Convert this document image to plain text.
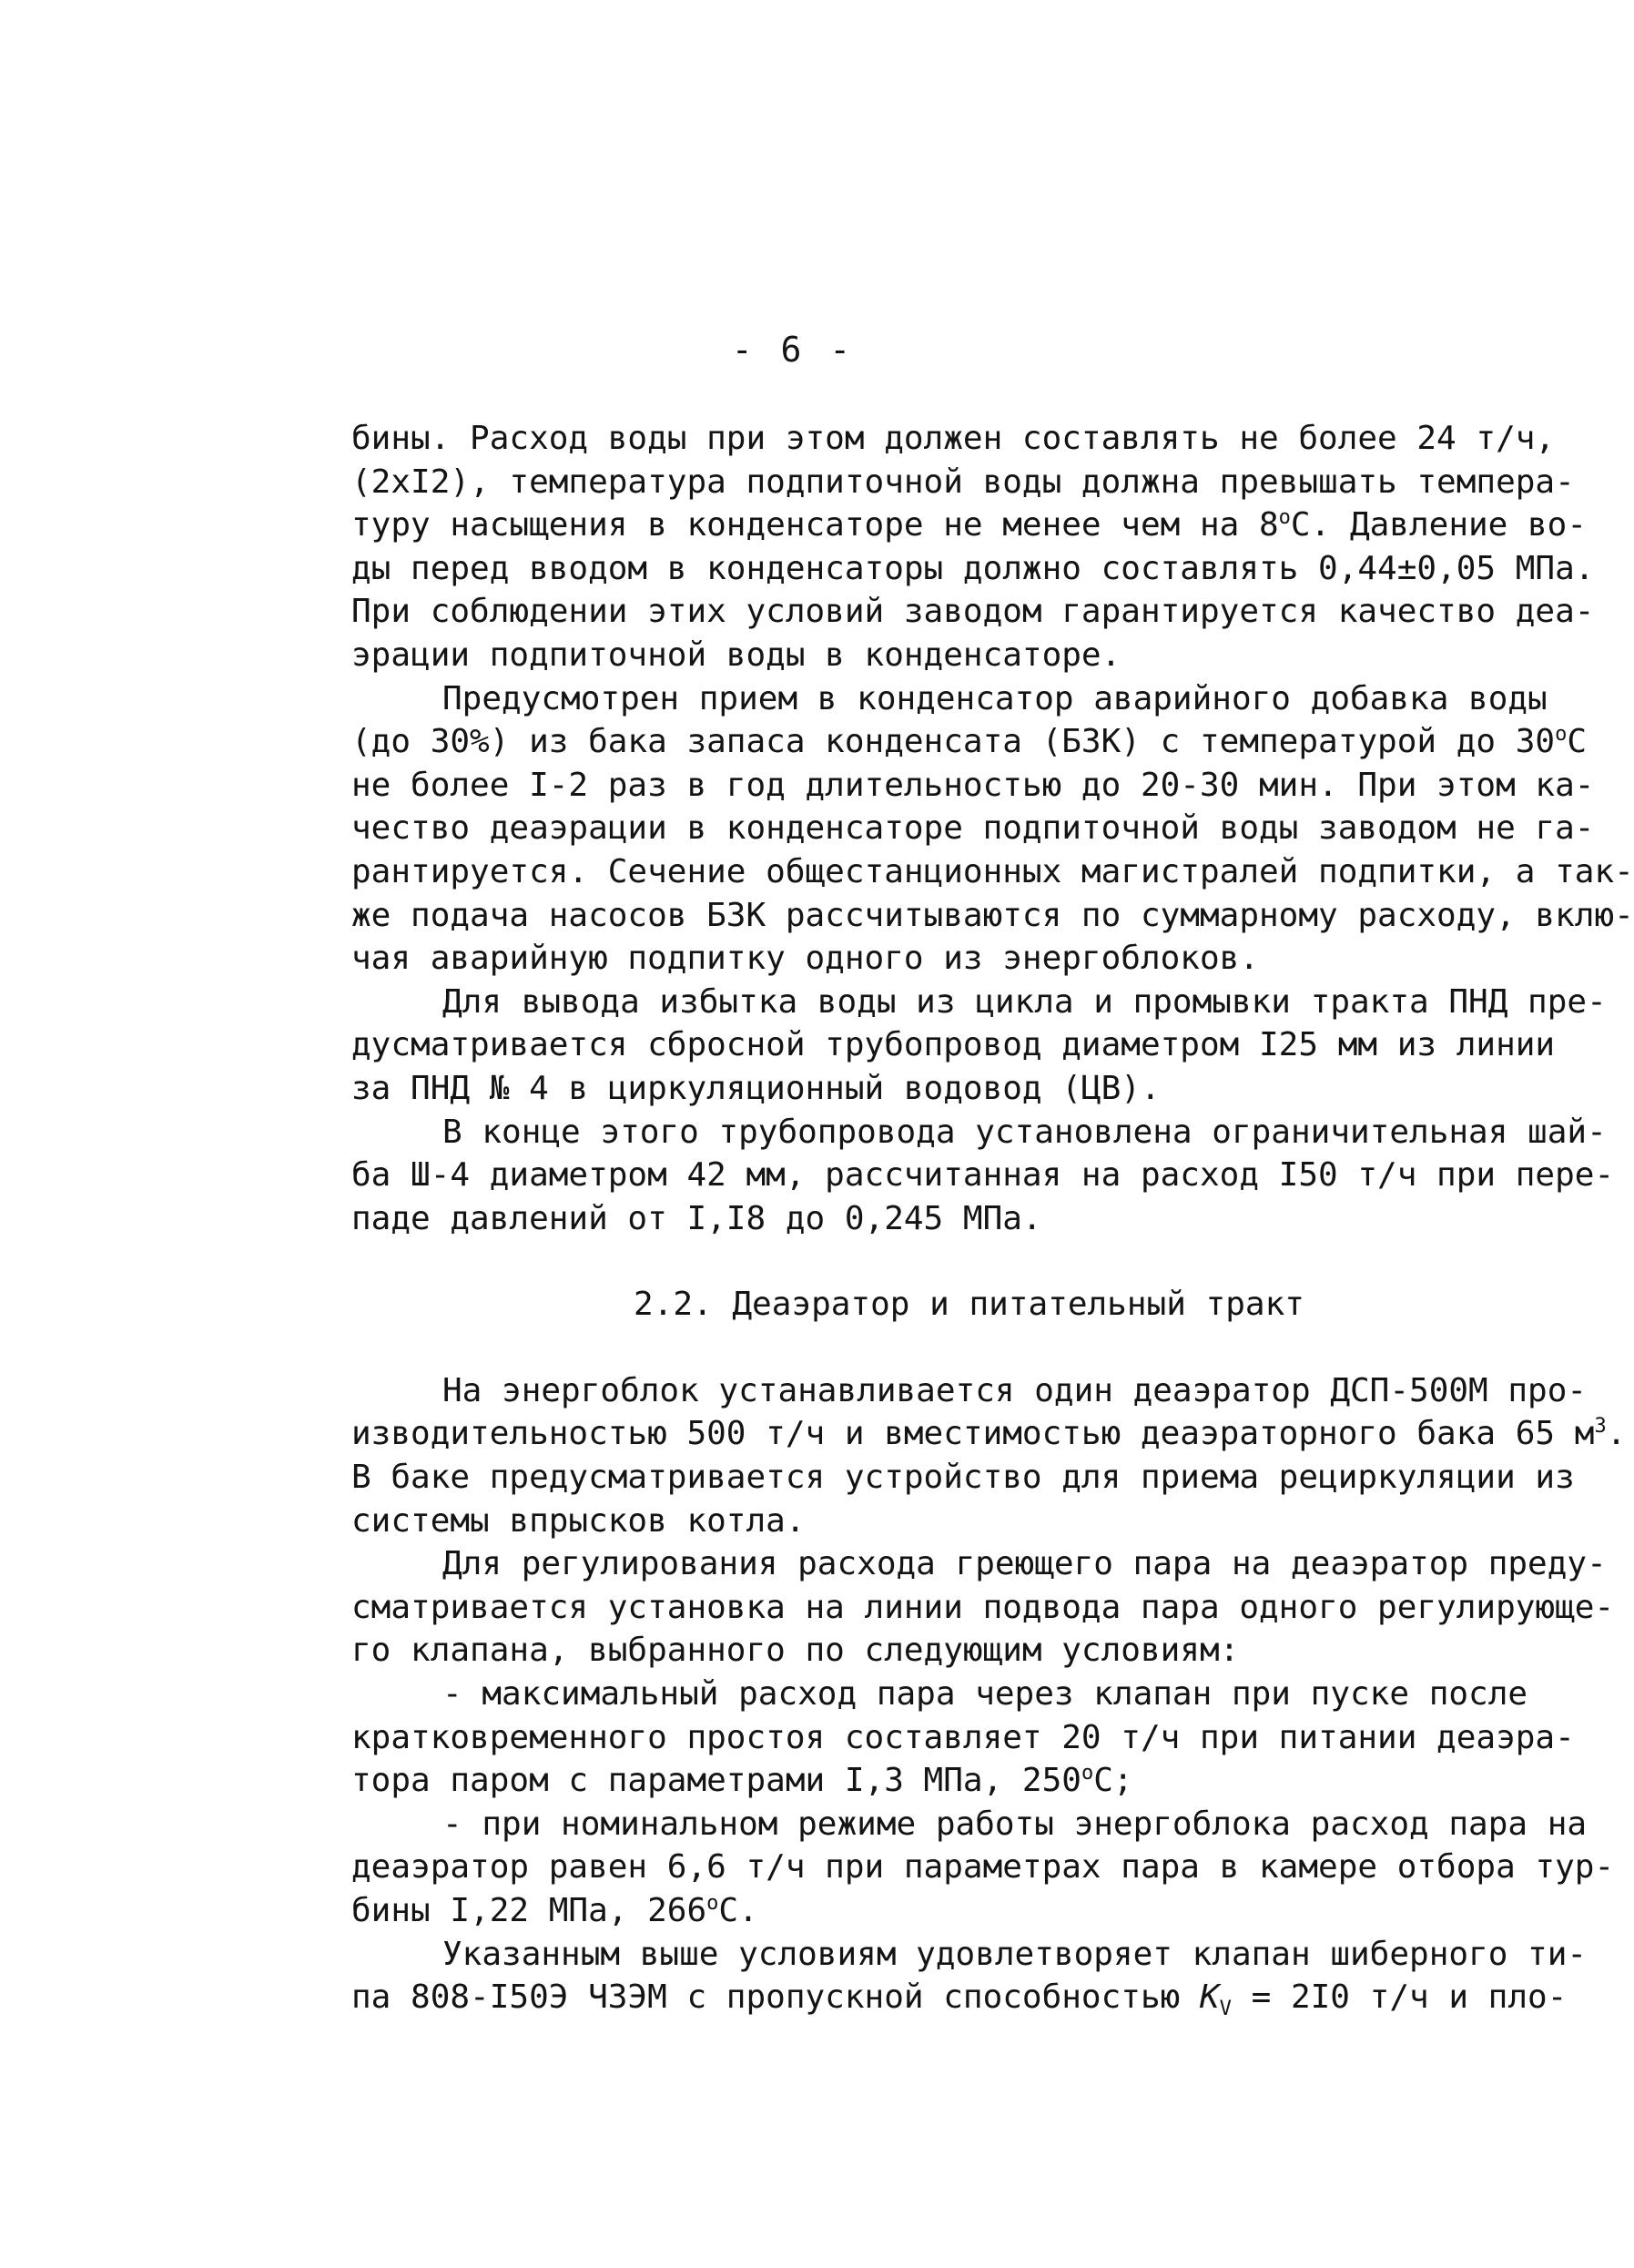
- 6 -
бины. Расход воды при этом должен составлять не более 24 т/ч,
(2хI2), температура подпиточной воды должна превышать темпера-
туру насыщения в конденсаторе не менее чем на $8^оС$. Давление во-
ды перед вводом в конденсаторы должно составлять 0,44±0,05 МПа.
При соблюдении этих условий заводом гарантируется качество деа-
эрации подпиточной воды в конденсаторе.
Предусмотрен прием в конденсатор аварийного добавка воды
(до 30%) из бака запаса конденсата (БЗК) с температурой до $30^оС$
не более I-2 раз в год длительностью до 20-30 мин. При этом ка-
чество деаэрации в конденсаторе подпиточной воды заводом не га-
рантируется. Сечение общестанционных магистралей подпитки, а так-
же подача насосов БЗК рассчитываются по суммарному расходу, вклю-
чая аварийную подпитку одного из энергоблоков.
Для вывода избытка воды из цикла и промывки тракта ПНД пре-
дусматривается сбросной трубопровод диаметром I25 мм из линии
за ПНД № 4 в циркуляционный водовод (ЦВ).
В конце этого трубопровода установлена ограничительная шай-
ба Ш-4 диаметром 42 мм, рассчитанная на расход I50 т/ч при пере-
паде давлений от I,I8 до 0,245 МПа.
2.2. Деаэратор и питательный тракт
На энергоблок устанавливается один деаэратор ДСП-500М про-
изводительностью 500 т/ч и вместимостью деаэраторного бака 65 $м^3$.
В баке предусматривается устройство для приема рециркуляции из
системы впрысков котла.
Для регулирования расхода греющего пара на деаэратор преду-
сматривается установка на линии подвода пара одного регулирующе-
го клапана, выбранного по следующим условиям:
- максимальный расход пара через клапан при пуске после
кратковременного простоя составляет 20 т/ч при питании деаэра-
тора паром с параметрами I,3 МПа, $250^оС$;
- при номинальном режиме работы энергоблока расход пара на
деаэратор равен 6,6 т/ч при параметрах пара в камере отбора тур-
бины I,22 МПа, $266^оС$.
Указанным выше условиям удовлетворяет клапан шиберного ти-
па 808-I50Э ЧЗЭМ с пропускной способностью $K_V = 2I0$ т/ч и пло-
